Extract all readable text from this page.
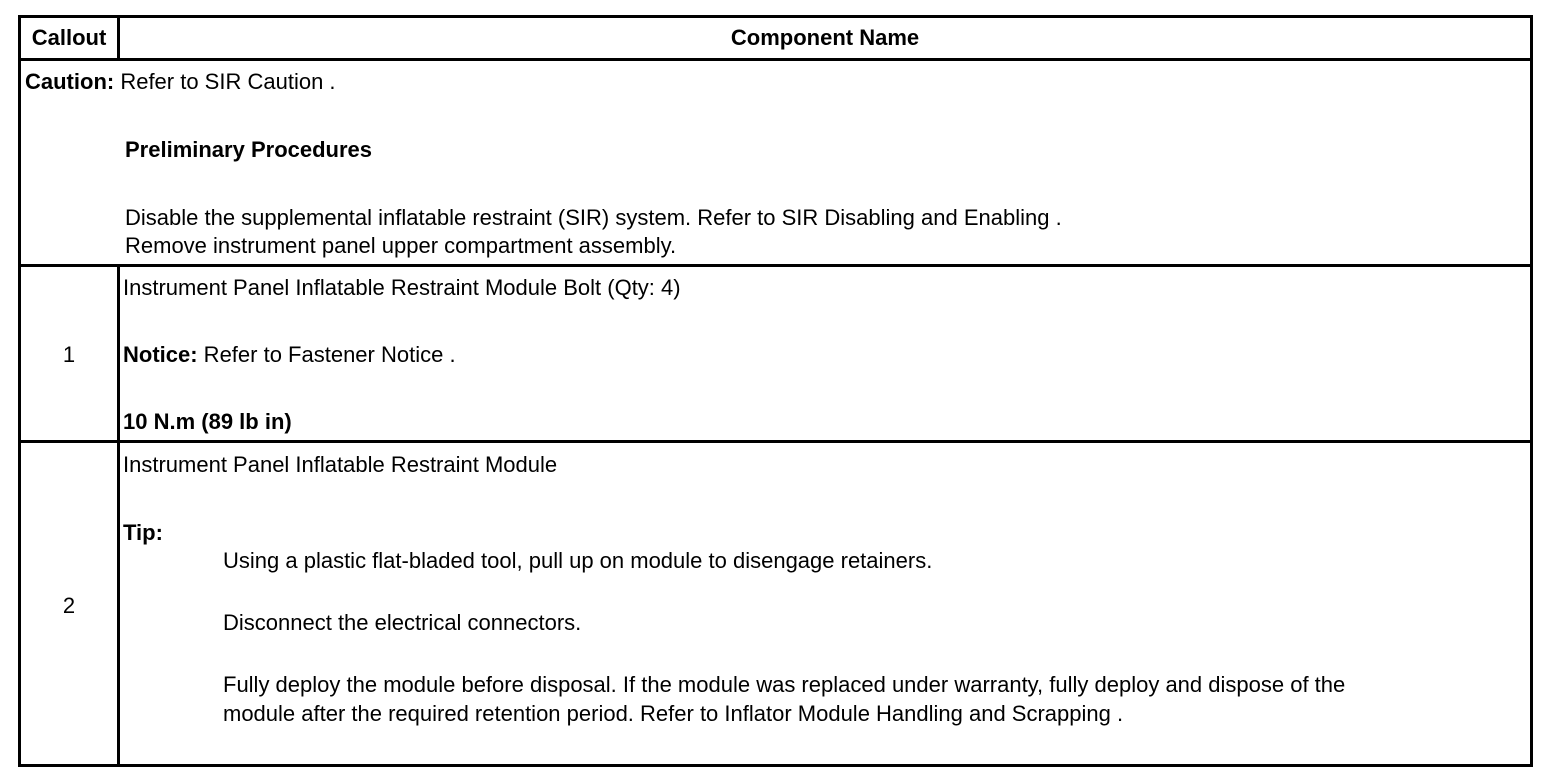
Callout	Component Name
Caution: Refer to SIR Caution .
Preliminary Procedures
Disable the supplemental inflatable restraint (SIR) system. Refer to SIR Disabling and Enabling .
Remove instrument panel upper compartment assembly.
1
Instrument Panel Inflatable Restraint Module Bolt (Qty: 4)
Notice: Refer to Fastener Notice .
10 N.m (89 lb in)
2
Instrument Panel Inflatable Restraint Module
Tip:
Using a plastic flat-bladed tool, pull up on module to disengage retainers.
Disconnect the electrical connectors.
Fully deploy the module before disposal. If the module was replaced under warranty, fully deploy and dispose of the
module after the required retention period. Refer to Inflator Module Handling and Scrapping .
